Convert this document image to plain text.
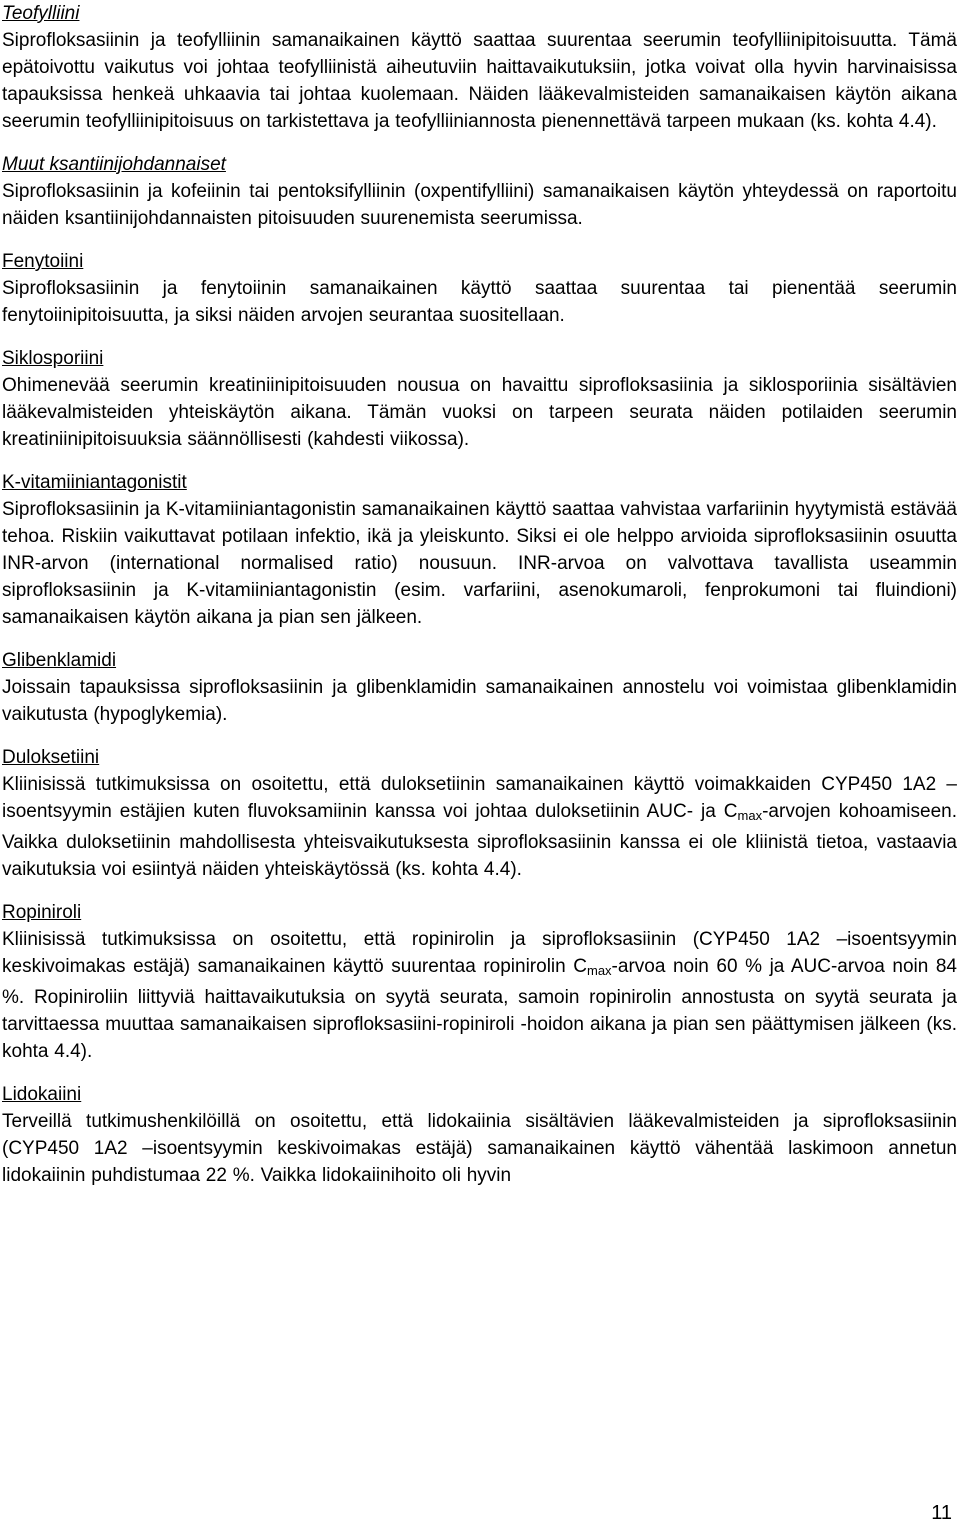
Teofylliini
Siprofloksasiinin ja teofylliinin samanaikainen käyttö saattaa suurentaa seerumin teofylliinipitoisuutta. Tämä epätoivottu vaikutus voi johtaa teofylliinistä aiheutuviin haittavaikutuksiin, jotka voivat olla hyvin harvinaisissa tapauksissa henkeä uhkaavia tai johtaa kuolemaan. Näiden lääkevalmisteiden samanaikaisen käytön aikana seerumin teofylliinipitoisuus on tarkistettava ja teofylliiniannosta pienennettävä tarpeen mukaan (ks. kohta 4.4).
Muut ksantiinijohdannaiset
Siprofloksasiinin ja kofeiinin tai pentoksifylliinin (oxpentifylliini) samanaikaisen käytön yhteydessä on raportoitu näiden ksantiinijohdannaisten pitoisuuden suurenemista seerumissa.
Fenytoiini
Siprofloksasiinin ja fenytoiinin samanaikainen käyttö saattaa suurentaa tai pienentää seerumin fenytoiinipitoisuutta, ja siksi näiden arvojen seurantaa suositellaan.
Siklosporiini
Ohimenevää seerumin kreatiniinipitoisuuden nousua on havaittu siprofloksasiinia ja siklosporiinia sisältävien lääkevalmisteiden yhteiskäytön aikana. Tämän vuoksi on tarpeen seurata näiden potilaiden seerumin kreatiniinipitoisuuksia säännöllisesti (kahdesti viikossa).
K-vitamiiniantagonistit
Siprofloksasiinin ja K-vitamiiniantagonistin samanaikainen käyttö saattaa vahvistaa varfariinin hyytymistä estävää tehoa. Riskiin vaikuttavat potilaan infektio, ikä ja yleiskunto. Siksi ei ole helppo arvioida siprofloksasiinin osuutta INR-arvon (international normalised ratio) nousuun. INR-arvoa on valvottava tavallista useammin siprofloksasiinin ja K-vitamiiniantagonistin (esim. varfariini, asenokumaroli, fenprokumoni tai fluindioni) samanaikaisen käytön aikana ja pian sen jälkeen.
Glibenklamidi
Joissain tapauksissa siprofloksasiinin ja glibenklamidin samanaikainen annostelu voi voimistaa glibenklamidin vaikutusta (hypoglykemia).
Duloksetiini

Kliinisissä tutkimuksissa on osoitettu, että duloksetiinin samanaikainen käyttö voimakkaiden CYP450 1A2 –isoentsyymin estäjien kuten fluvoksamiinin kanssa voi johtaa duloksetiinin AUC- ja $C_{max}$-arvojen kohoamiseen. Vaikka duloksetiinin mahdollisesta yhteisvaikutuksesta siprofloksasiinin kanssa ei ole kliinistä tietoa, vastaavia vaikutuksia voi esiintyä näiden yhteiskäytössä (ks. kohta 4.4).

Ropiniroli

Kliinisissä tutkimuksissa on osoitettu, että ropinirolin ja siprofloksasiinin (CYP450 1A2 –isoentsyymin keskivoimakas estäjä) samanaikainen käyttö suurentaa ropinirolin $C_{max}$-arvoa noin 60 % ja AUC-arvoa noin 84 %. Ropiniroliin liittyviä haittavaikutuksia on syytä seurata, samoin ropinirolin annostusta on syytä seurata ja tarvittaessa muuttaa samanaikaisen siprofloksasiini-ropiniroli -hoidon aikana ja pian sen päättymisen jälkeen (ks. kohta 4.4).

Lidokaiini
Terveillä tutkimushenkilöillä on osoitettu, että lidokaiinia sisältävien lääkevalmisteiden ja siprofloksasiinin (CYP450 1A2 –isoentsyymin keskivoimakas estäjä) samanaikainen käyttö vähentää laskimoon annetun lidokaiinin puhdistumaa 22 %. Vaikka lidokaiinihoito oli hyvin
11
